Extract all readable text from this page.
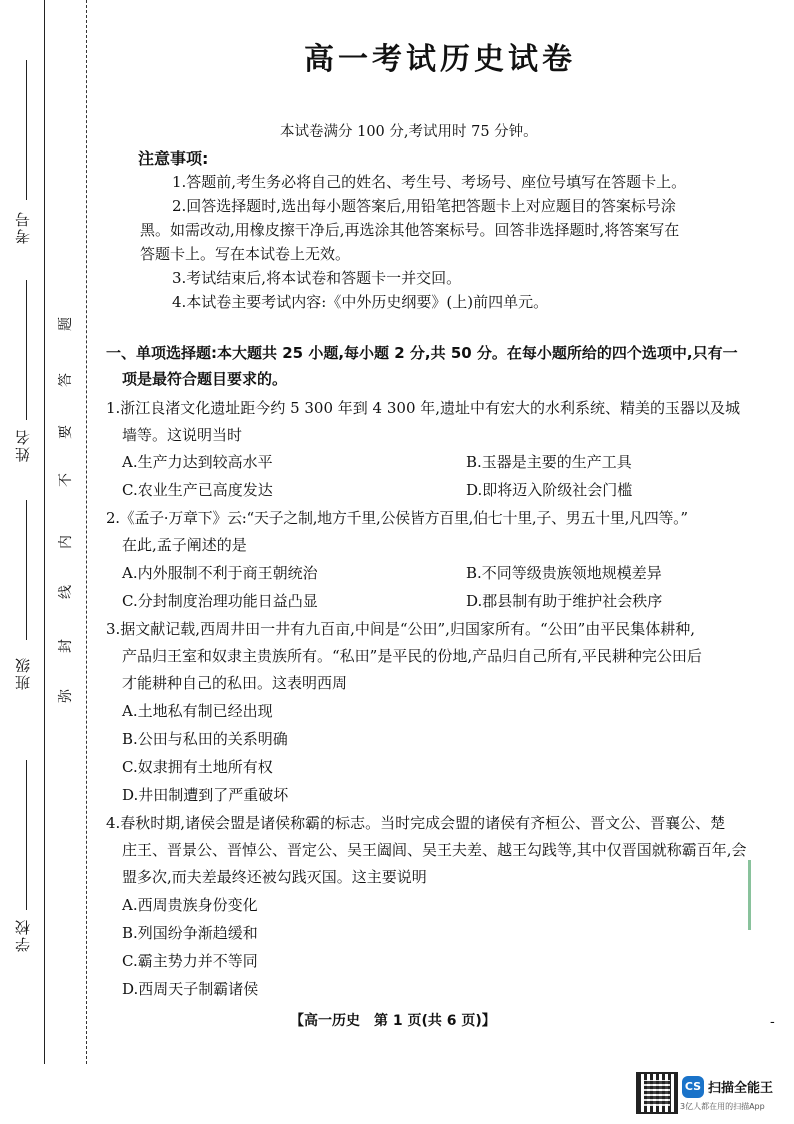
考号
姓名
班级
学校
题
答
要
不
内
线
封
弥
高一考试历史试卷
本试卷满分 100 分,考试用时 75 分钟。
注意事项:
1.答题前,考生务必将自己的姓名、考生号、考场号、座位号填写在答题卡上。
2.回答选择题时,选出每小题答案后,用铅笔把答题卡上对应题目的答案标号涂
黑。如需改动,用橡皮擦干净后,再选涂其他答案标号。回答非选择题时,将答案写在
答题卡上。写在本试卷上无效。
3.考试结束后,将本试卷和答题卡一并交回。
4.本试卷主要考试内容:《中外历史纲要》(上)前四单元。
一、单项选择题:本大题共 25 小题,每小题 2 分,共 50 分。在每小题所给的四个选项中,只有一
项是最符合题目要求的。
1.浙江良渚文化遗址距今约 5 300 年到 4 300 年,遗址中有宏大的水利系统、精美的玉器以及城
墙等。这说明当时
A.生产力达到较高水平	B.玉器是主要的生产工具
C.农业生产已高度发达	D.即将迈入阶级社会门槛
2.《孟子·万章下》云:“天子之制,地方千里,公侯皆方百里,伯七十里,子、男五十里,凡四等。”
在此,孟子阐述的是
A.内外服制不利于商王朝统治	B.不同等级贵族领地规模差异
C.分封制度治理功能日益凸显	D.郡县制有助于维护社会秩序
3.据文献记载,西周井田一井有九百亩,中间是“公田”,归国家所有。“公田”由平民集体耕种,
产品归王室和奴隶主贵族所有。“私田”是平民的份地,产品归自己所有,平民耕种完公田后
才能耕种自己的私田。这表明西周
A.土地私有制已经出现
B.公田与私田的关系明确
C.奴隶拥有土地所有权
D.井田制遭到了严重破坏
4.春秋时期,诸侯会盟是诸侯称霸的标志。当时完成会盟的诸侯有齐桓公、晋文公、晋襄公、楚
庄王、晋景公、晋悼公、晋定公、吴王阖闾、吴王夫差、越王勾践等,其中仅晋国就称霸百年,会
盟多次,而夫差最终还被勾践灭国。这主要说明
A.西周贵族身份变化
B.列国纷争渐趋缓和
C.霸主势力并不等同
D.西周天子制霸诸侯
【高一历史　第 1 页(共 6 页)】	-
CS 扫描全能王
3亿人都在用的扫描App
